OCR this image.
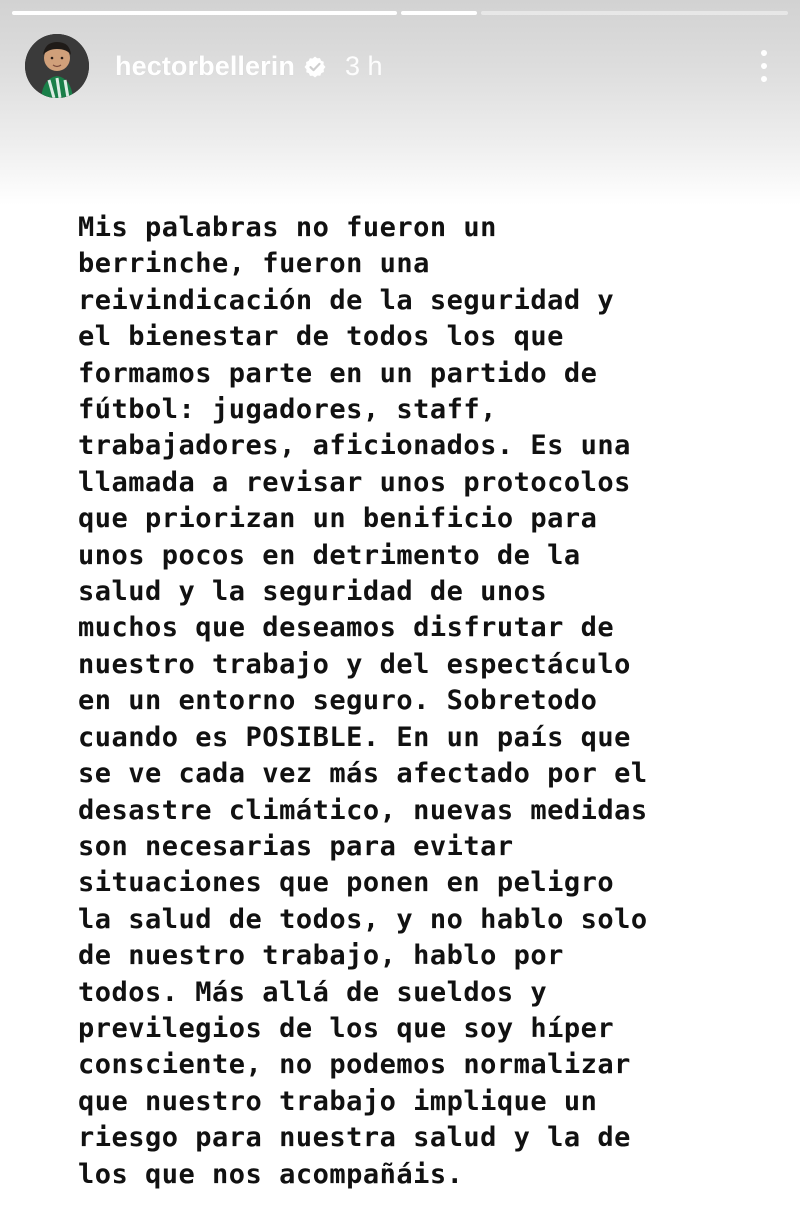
hectorbellerin 3 h

Mis palabras no fueron un
berrinche, fueron una
reivindicación de la seguridad y
el bienestar de todos los que
formamos parte en un partido de
fútbol: jugadores, staff,
trabajadores, aficionados. Es una
llamada a revisar unos protocolos
que priorizan un benificio para
unos pocos en detrimento de la
salud y la seguridad de unos
muchos que deseamos disfrutar de
nuestro trabajo y del espectáculo
en un entorno seguro. Sobretodo
cuando es POSIBLE. En un país que
se ve cada vez más afectado por el
desastre climático, nuevas medidas
son necesarias para evitar
situaciones que ponen en peligro
la salud de todos, y no hablo solo
de nuestro trabajo, hablo por
todos. Más allá de sueldos y
previlegios de los que soy híper
consciente, no podemos normalizar
que nuestro trabajo implique un
riesgo para nuestra salud y la de
los que nos acompañáis.
